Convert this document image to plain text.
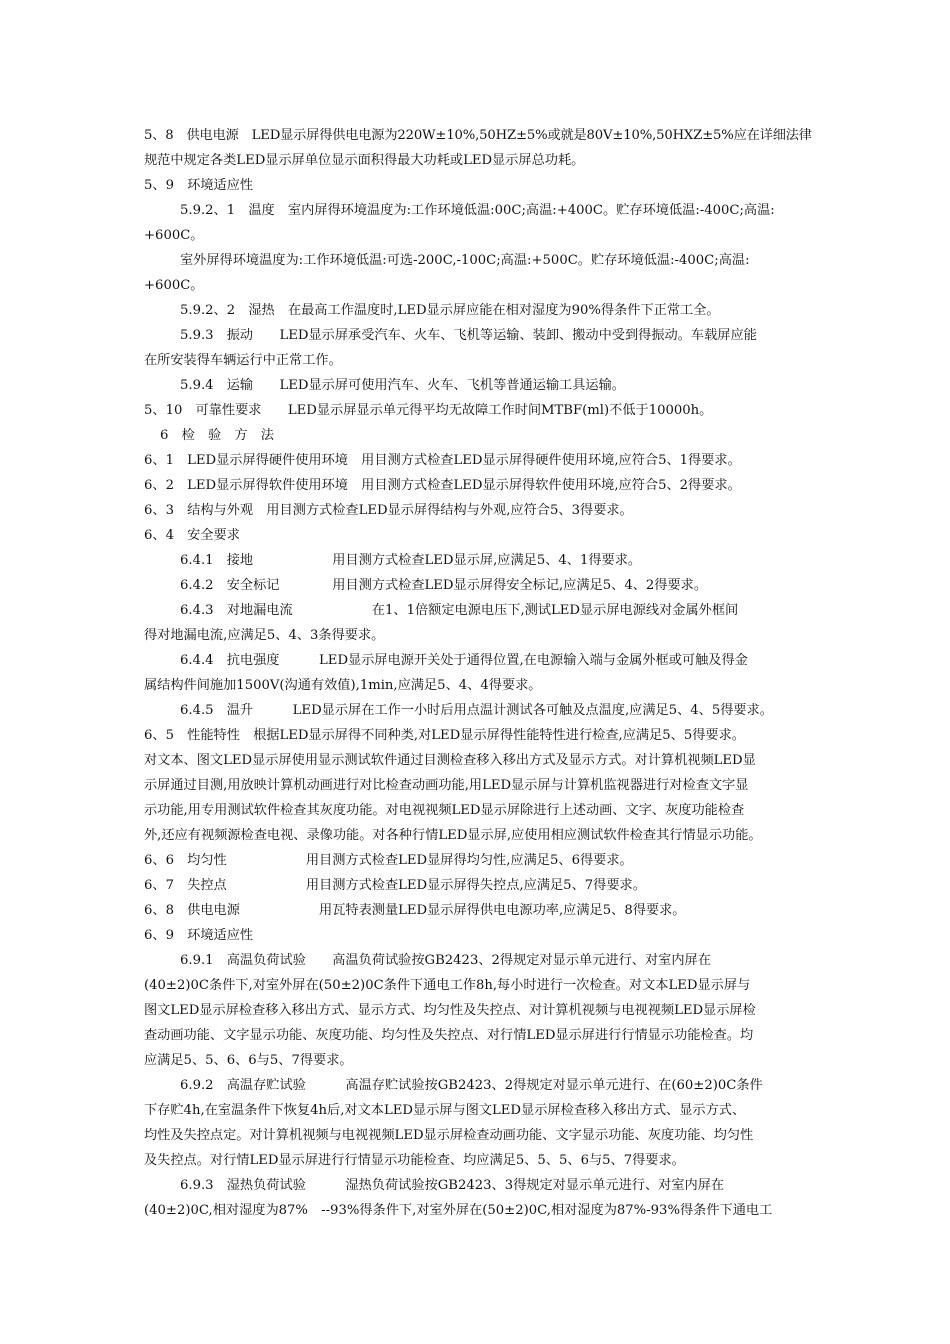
5、8　供电电源　LED显示屏得供电电源为220W±10%,50HZ±5%或就是80V±10%,50HXZ±5%应在详细法律
规范中规定各类LED显示屏单位显示面积得最大功耗或LED显示屏总功耗。
5、9　环境适应性
5.9.2、1　温度　室内屏得环境温度为:工作环境低温:00C;高温:+400C。贮存环境低温:-400C;高温:
+600C。
室外屏得环境温度为:工作环境低温:可选-200C,-100C;高温:+500C。贮存环境低温:-400C;高温:
+600C。
5.9.2、2　湿热　在最高工作温度时,LED显示屏应能在相对湿度为90%得条件下正常工全。
5.9.3　振动　　LED显示屏承受汽车、火车、飞机等运输、装卸、搬动中受到得振动。车载屏应能
在所安装得车辆运行中正常工作。
5.9.4　运输　　LED显示屏可使用汽车、火车、飞机等普通运输工具运输。
5、10　可靠性要求　　LED显示屏显示单元得平均无故障工作时间MTBF(ml)不低于10000h。
6　检　验　方　法
6、1　LED显示屏得硬件使用环境　用目测方式检查LED显示屏得硬件使用环境,应符合5、1得要求。
6、2　LED显示屏得软件使用环境　用目测方式检查LED显示屏得软件使用环境,应符合5、2得要求。
6、3　结构与外观　用目测方式检查LED显示屏得结构与外观,应符合5、3得要求。
6、4　安全要求
6.4.1　接地　　　　　　用目测方式检查LED显示屏,应满足5、4、1得要求。
6.4.2　安全标记　　　　用目测方式检查LED显示屏得安全标记,应满足5、4、2得要求。
6.4.3　对地漏电流　　　　　　在1、1倍额定电源电压下,测试LED显示屏电源线对金属外框间
得对地漏电流,应满足5、4、3条得要求。
6.4.4　抗电强度　　　LED显示屏电源开关处于通得位置,在电源输入端与金属外框或可触及得金
属结构件间施加1500V(沟通有效值),1min,应满足5、4、4得要求。
6.4.5　温升　　　LED显示屏在工作一小时后用点温计测试各可触及点温度,应满足5、4、5得要求。
6、5　性能特性　根据LED显示屏得不同种类,对LED显示屏得性能特性进行检查,应满足5、5得要求。
对文本、图文LED显示屏使用显示测试软件通过目测检查移入移出方式及显示方式。对计算机视频LED显
示屏通过目测,用放映计算机动画进行对比检查动画功能,用LED显示屏与计算机监视器进行对检查文字显
示功能,用专用测试软件检查其灰度功能。对电视视频LED显示屏除进行上述动画、文字、灰度功能检查
外,还应有视频源检查电视、录像功能。对各种行情LED显示屏,应使用相应测试软件检查其行情显示功能。
6、6　均匀性　　　　　　用目测方式检查LED显屏得均匀性,应满足5、6得要求。
6、7　失控点　　　　　　用目测方式检查LED显示屏得失控点,应满足5、7得要求。
6、8　供电电源　　　　　　用瓦特表测量LED显示屏得供电电源功率,应满足5、8得要求。
6、9　环境适应性
6.9.1　高温负荷试验　　高温负荷试验按GB2423、2得规定对显示单元进行、对室内屏在
(40±2)0C条件下,对室外屏在(50±2)0C条件下通电工作8h,每小时进行一次检查。对文本LED显示屏与
图文LED显示屏检查移入移出方式、显示方式、均匀性及失控点、对计算机视频与电视视频LED显示屏检
查动画功能、文字显示功能、灰度功能、均匀性及失控点、对行情LED显示屏进行行情显示功能检查。均
应满足5、5、6、6与5、7得要求。
6.9.2　高温存贮试验　　　高温存贮试验按GB2423、2得规定对显示单元进行、在(60±2)0C条件
下存贮4h,在室温条件下恢复4h后,对文本LED显示屏与图文LED显示屏检查移入移出方式、显示方式、
均性及失控点定。对计算机视频与电视视频LED显示屏检查动画功能、文字显示功能、灰度功能、均匀性
及失控点。对行情LED显示屏进行行情显示功能检查、均应满足5、5、5、6与5、7得要求。
6.9.3　湿热负荷试验　　　湿热负荷试验按GB2423、3得规定对显示单元进行、对室内屏在
(40±2)0C,相对湿度为87%　--93%得条件下,对室外屏在(50±2)0C,相对湿度为87%-93%得条件下通电工
